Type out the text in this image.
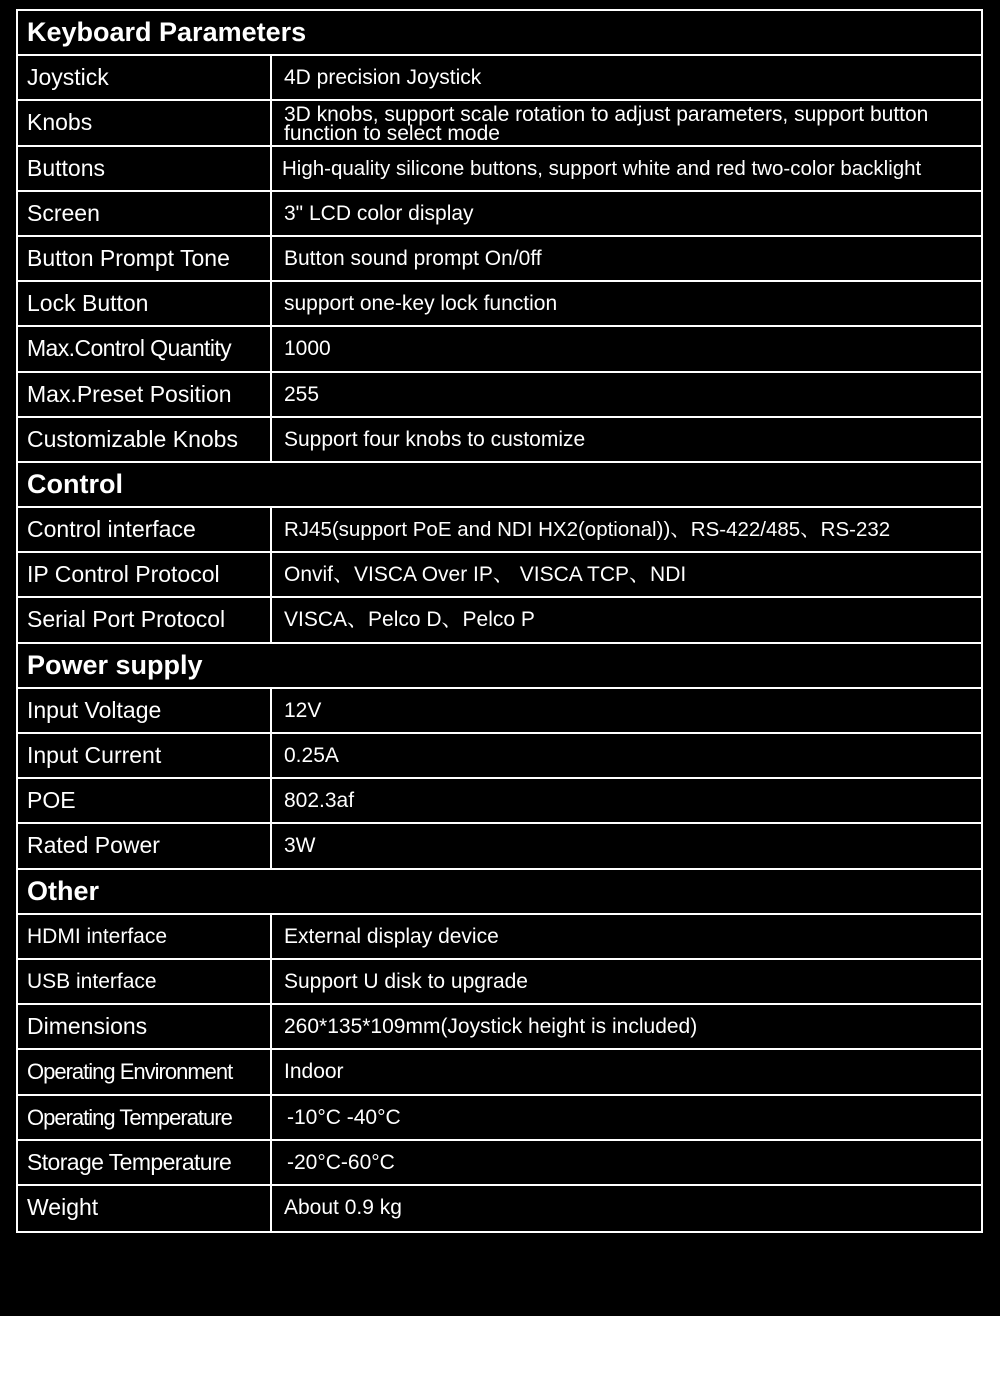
Keyboard Parameters
Joystick	4D precision Joystick
Knobs	3D knobs, support scale rotation to adjust parameters, support button function to select mode
Buttons	High-quality silicone buttons, support white and red two-color backlight
Screen	3" LCD color display
Button Prompt Tone	Button sound prompt On/0ff
Lock Button	support one-key lock function
Max.Control Quantity	1000
Max.Preset Position	255
Customizable Knobs	Support four knobs to customize
Control
Control interface	RJ45(support PoE and NDI HX2(optional))、RS-422/485、RS-232
IP Control Protocol	Onvif、VISCA Over IP、 VISCA TCP、NDI
Serial Port Protocol	VISCA、Pelco D、Pelco P
Power supply
Input Voltage	12V
Input Current	0.25A
POE	802.3af
Rated Power	3W
Other
HDMI interface	External display device
USB interface	Support U disk to upgrade
Dimensions	260*135*109mm(Joystick height is included)
Operating Environment	Indoor
Operating Temperature	-10°C -40°C
Storage Temperature	-20°C-60°C
Weight	About 0.9 kg
